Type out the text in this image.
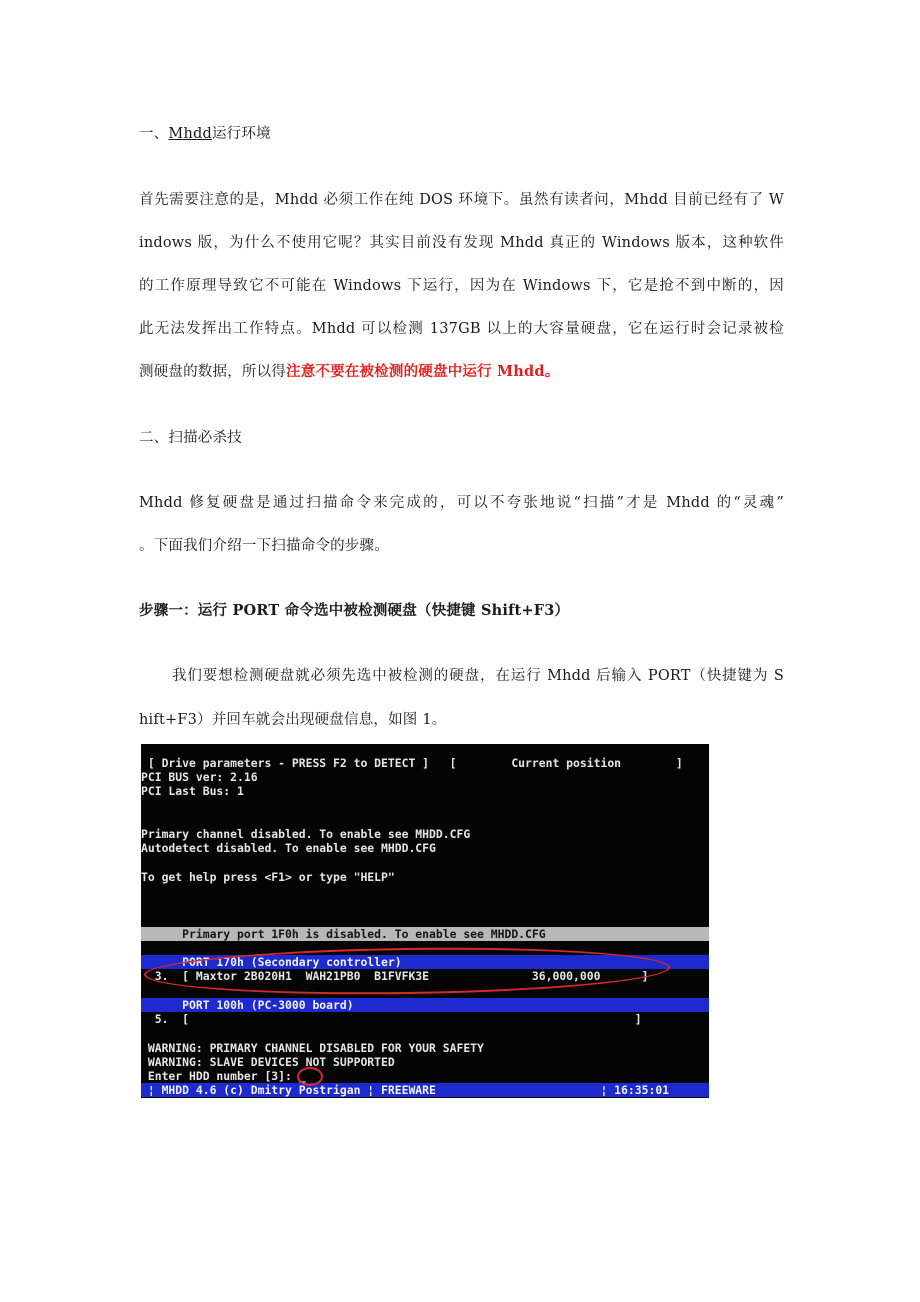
一、Mhdd运行环境
首先需要注意的是，Mhdd 必须工作在纯 DOS 环境下。虽然有读者问，Mhdd 目前已经有了 W
indows 版，为什么不使用它呢？其实目前没有发现 Mhdd 真正的 Windows 版本，这种软件
的工作原理导致它不可能在 Windows 下运行，因为在 Windows 下，它是抢不到中断的，因
此无法发挥出工作特点。Mhdd 可以检测 137GB 以上的大容量硬盘，它在运行时会记录被检
测硬盘的数据，所以得注意不要在被检测的硬盘中运行 Mhdd。
二、扫描必杀技
Mhdd 修复硬盘是通过扫描命令来完成的，可以不夸张地说“扫描”才是 Mhdd 的“灵魂”
。下面我们介绍一下扫描命令的步骤。
步骤一：运行 PORT 命令选中被检测硬盘（快捷键 Shift+F3）
我们要想检测硬盘就必须先选中被检测的硬盘，在运行 Mhdd 后输入 PORT（快捷键为 S
hift+F3）并回车就会出现硬盘信息，如图 1。
[ Drive parameters - PRESS F2 to DETECT ]   [        Current position        ]
PCI BUS ver: 2.16
PCI Last Bus: 1
Primary channel disabled. To enable see MHDD.CFG
Autodetect disabled. To enable see MHDD.CFG
To get help press <F1> or type "HELP"
Primary port 1F0h is disabled. To enable see MHDD.CFG
PORT 170h (Secondary controller)
3.  [ Maxtor 2B020H1  WAH21PB0  B1FVFK3E               36,000,000      ]
PORT 100h (PC-3000 board)
5.  [                                                                 ]
WARNING: PRIMARY CHANNEL DISABLED FOR YOUR SAFETY
WARNING: SLAVE DEVICES NOT SUPPORTED
Enter HDD number [3]: _
¦ MHDD 4.6 (c) Dmitry Postrigan ¦ FREEWARE                        ¦ 16:35:01
